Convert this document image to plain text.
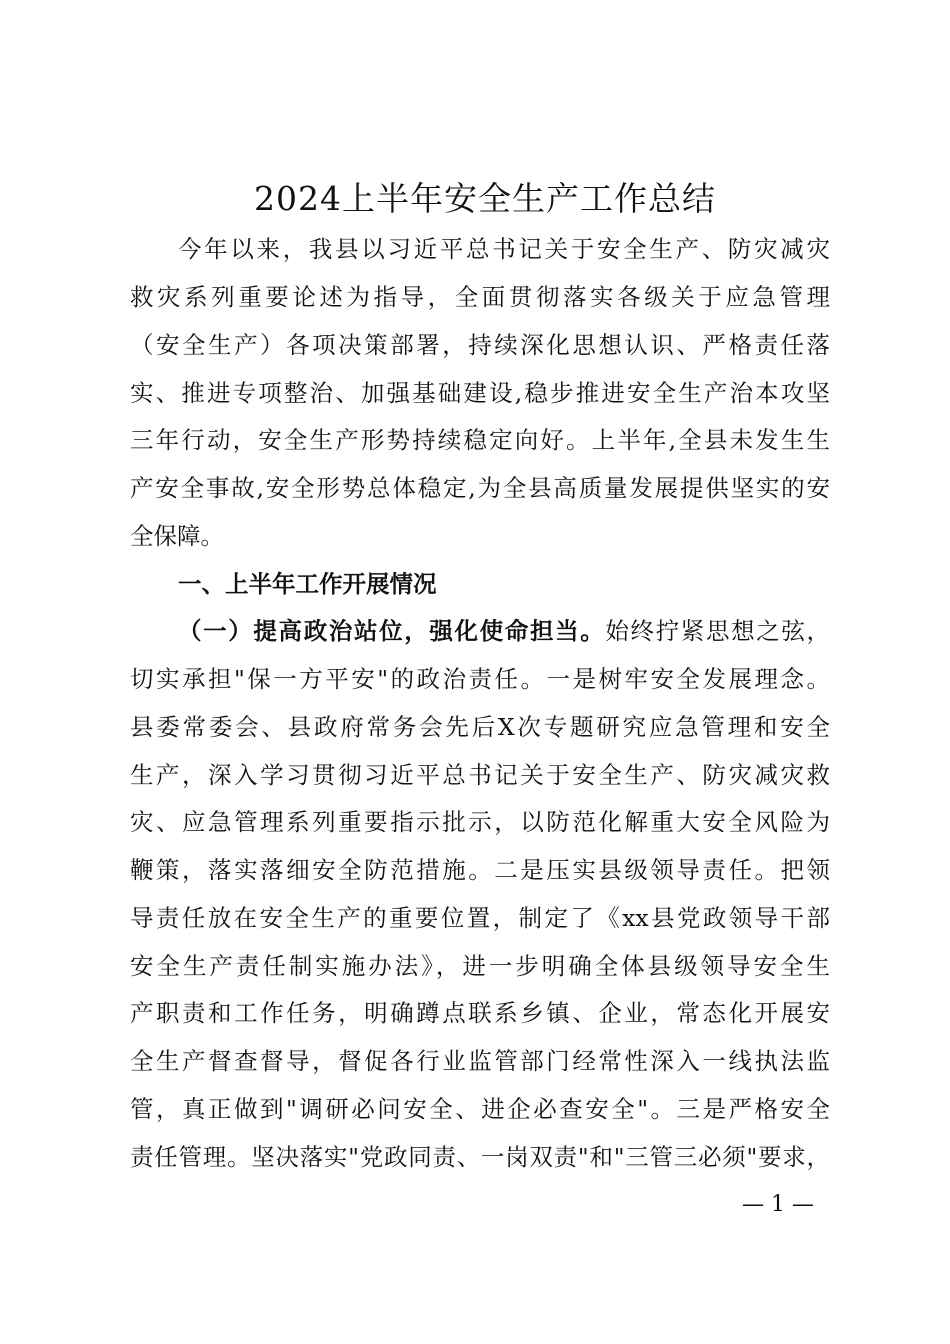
2024上半年安全生产工作总结
今年以来，我县以习近平总书记关于安全生产、防灾减灾
救灾系列重要论述为指导，全面贯彻落实各级关于应急管理
（安全生产）各项决策部署，持续深化思想认识、严格责任落
实、推进专项整治、加强基础建设,稳步推进安全生产治本攻坚
三年行动，安全生产形势持续稳定向好。上半年,全县未发生生
产安全事故,安全形势总体稳定,为全县高质量发展提供坚实的安
全保障。
一、上半年工作开展情况
（一）提高政治站位，强化使命担当。始终拧紧思想之弦，
切实承担"保一方平安"的政治责任。一是树牢安全发展理念。
县委常委会、县政府常务会先后X次专题研究应急管理和安全
生产，深入学习贯彻习近平总书记关于安全生产、防灾减灾救
灾、应急管理系列重要指示批示，以防范化解重大安全风险为
鞭策，落实落细安全防范措施。二是压实县级领导责任。把领
导责任放在安全生产的重要位置，制定了《xx县党政领导干部
安全生产责任制实施办法》，进一步明确全体县级领导安全生
产职责和工作任务，明确蹲点联系乡镇、企业，常态化开展安
全生产督查督导，督促各行业监管部门经常性深入一线执法监
管，真正做到"调研必问安全、进企必查安全"。三是严格安全
责任管理。坚决落实"党政同责、一岗双责"和"三管三必须"要求，
— 1 —
